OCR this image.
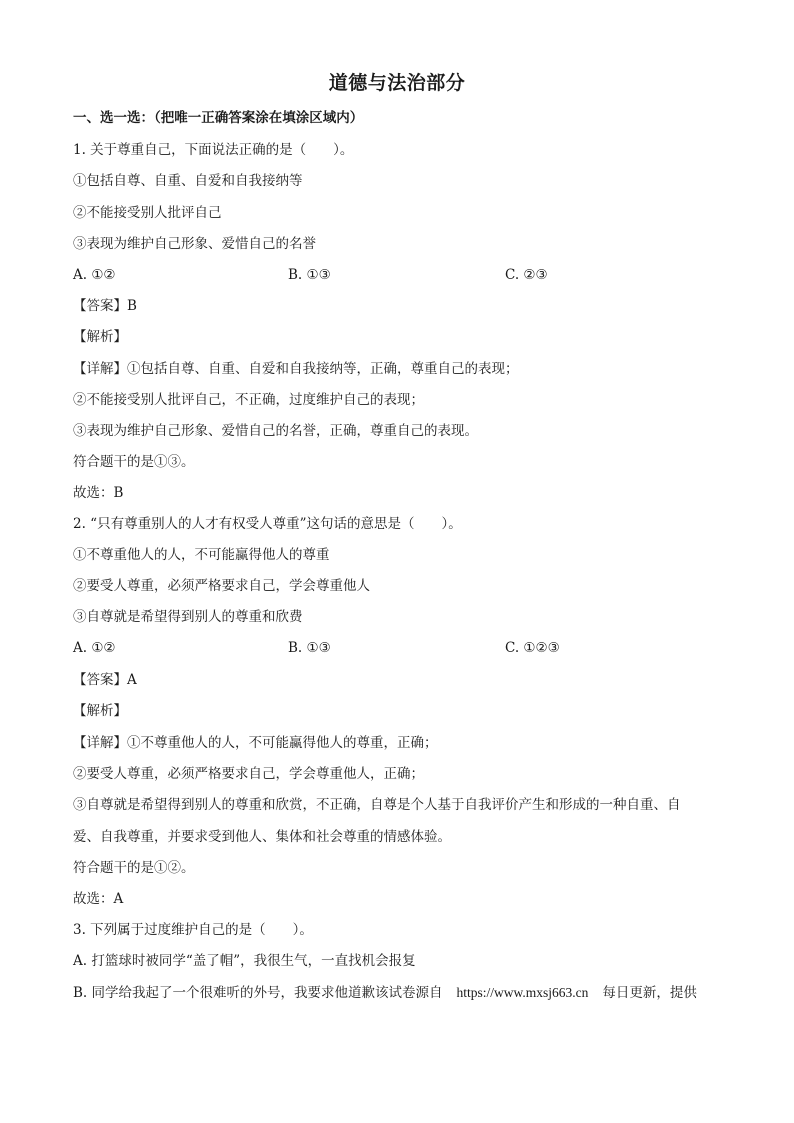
道德与法治部分
一、选一选：（把唯一正确答案涂在填涂区域内）
1. 关于尊重自己，下面说法正确的是（　　）。
①包括自尊、自重、自爱和自我接纳等
②不能接受别人批评自己
③表现为维护自己形象、爱惜自己的名誉
A. ①②	B. ①③	C. ②③
【答案】B
【解析】
【详解】①包括自尊、自重、自爱和自我接纳等，正确，尊重自己的表现；
②不能接受别人批评自己，不正确，过度维护自己的表现；
③表现为维护自己形象、爱惜自己的名誉，正确，尊重自己的表现。
符合题干的是①③。
故选：B
2. “只有尊重别人的人才有权受人尊重”这句话的意思是（　　）。
①不尊重他人的人，不可能赢得他人的尊重
②要受人尊重，必须严格要求自己，学会尊重他人
③自尊就是希望得到别人的尊重和欣费
A. ①②	B. ①③	C. ①②③
【答案】A
【解析】
【详解】①不尊重他人的人，不可能赢得他人的尊重，正确；
②要受人尊重，必须严格要求自己，学会尊重他人，正确；
③自尊就是希望得到别人的尊重和欣赏，不正确，自尊是个人基于自我评价产生和形成的一种自重、自
爱、自我尊重，并要求受到他人、集体和社会尊重的情感体验。
符合题干的是①②。
故选：A
3. 下列属于过度维护自己的是（　　）。
A. 打篮球时被同学“盖了帽”，我很生气，一直找机会报复
B. 同学给我起了一个很难听的外号，我要求他道歉该试卷源自 https://www.mxsj663.cn 每日更新，提供
